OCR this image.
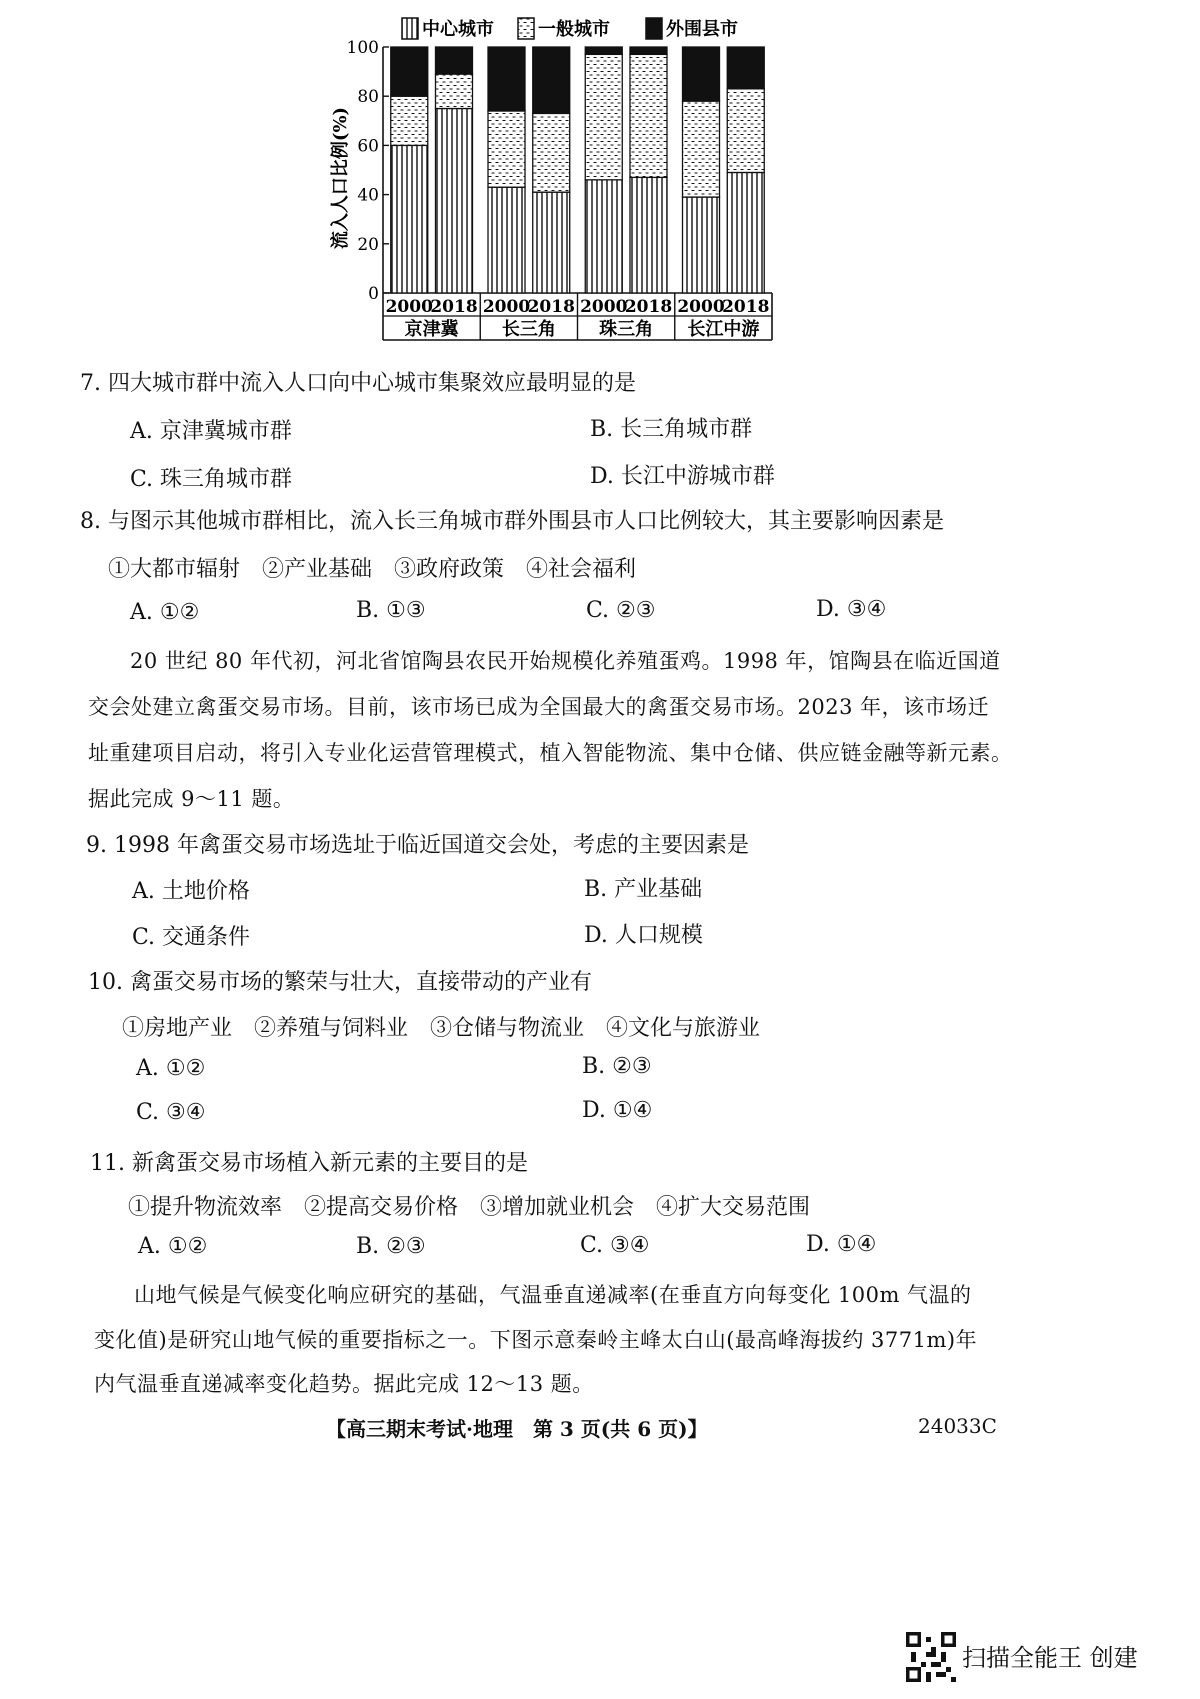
中心城市 一般城市	外围县市
流入人口比例(%)
0
20
40
60
80
100
京津冀
2000
2018
长三角
2000
2018
珠三角
2000
2018
长江中游
2000
2018
7. 四大城市群中流入人口向中心城市集聚效应最明显的是
A. 京津冀城市群	B. 长三角城市群
C. 珠三角城市群	D. 长江中游城市群
8. 与图示其他城市群相比，流入长三角城市群外围县市人口比例较大，其主要影响因素是
①大都市辐射　②产业基础　③政府政策　④社会福利
A. ①②	B. ①③	C. ②③	D. ③④
20 世纪 80 年代初，河北省馆陶县农民开始规模化养殖蛋鸡。1998 年，馆陶县在临近国道
交会处建立禽蛋交易市场。目前，该市场已成为全国最大的禽蛋交易市场。2023 年，该市场迁
址重建项目启动，将引入专业化运营管理模式，植入智能物流、集中仓储、供应链金融等新元素。
据此完成 9～11 题。
9. 1998 年禽蛋交易市场选址于临近国道交会处，考虑的主要因素是
A. 土地价格	B. 产业基础
C. 交通条件	D. 人口规模
10. 禽蛋交易市场的繁荣与壮大，直接带动的产业有
①房地产业　②养殖与饲料业　③仓储与物流业　④文化与旅游业
A. ①②	B. ②③
C. ③④	D. ①④
11. 新禽蛋交易市场植入新元素的主要目的是
①提升物流效率　②提高交易价格　③增加就业机会　④扩大交易范围
A. ①②	B. ②③	C. ③④	D. ①④
山地气候是气候变化响应研究的基础，气温垂直递减率(在垂直方向每变化 100m 气温的
变化值)是研究山地气候的重要指标之一。下图示意秦岭主峰太白山(最高峰海拔约 3771m)年
内气温垂直递减率变化趋势。据此完成 12～13 题。
【高三期末考试·地理　第 3 页(共 6 页)】	24033C
扫描全能王 创建
